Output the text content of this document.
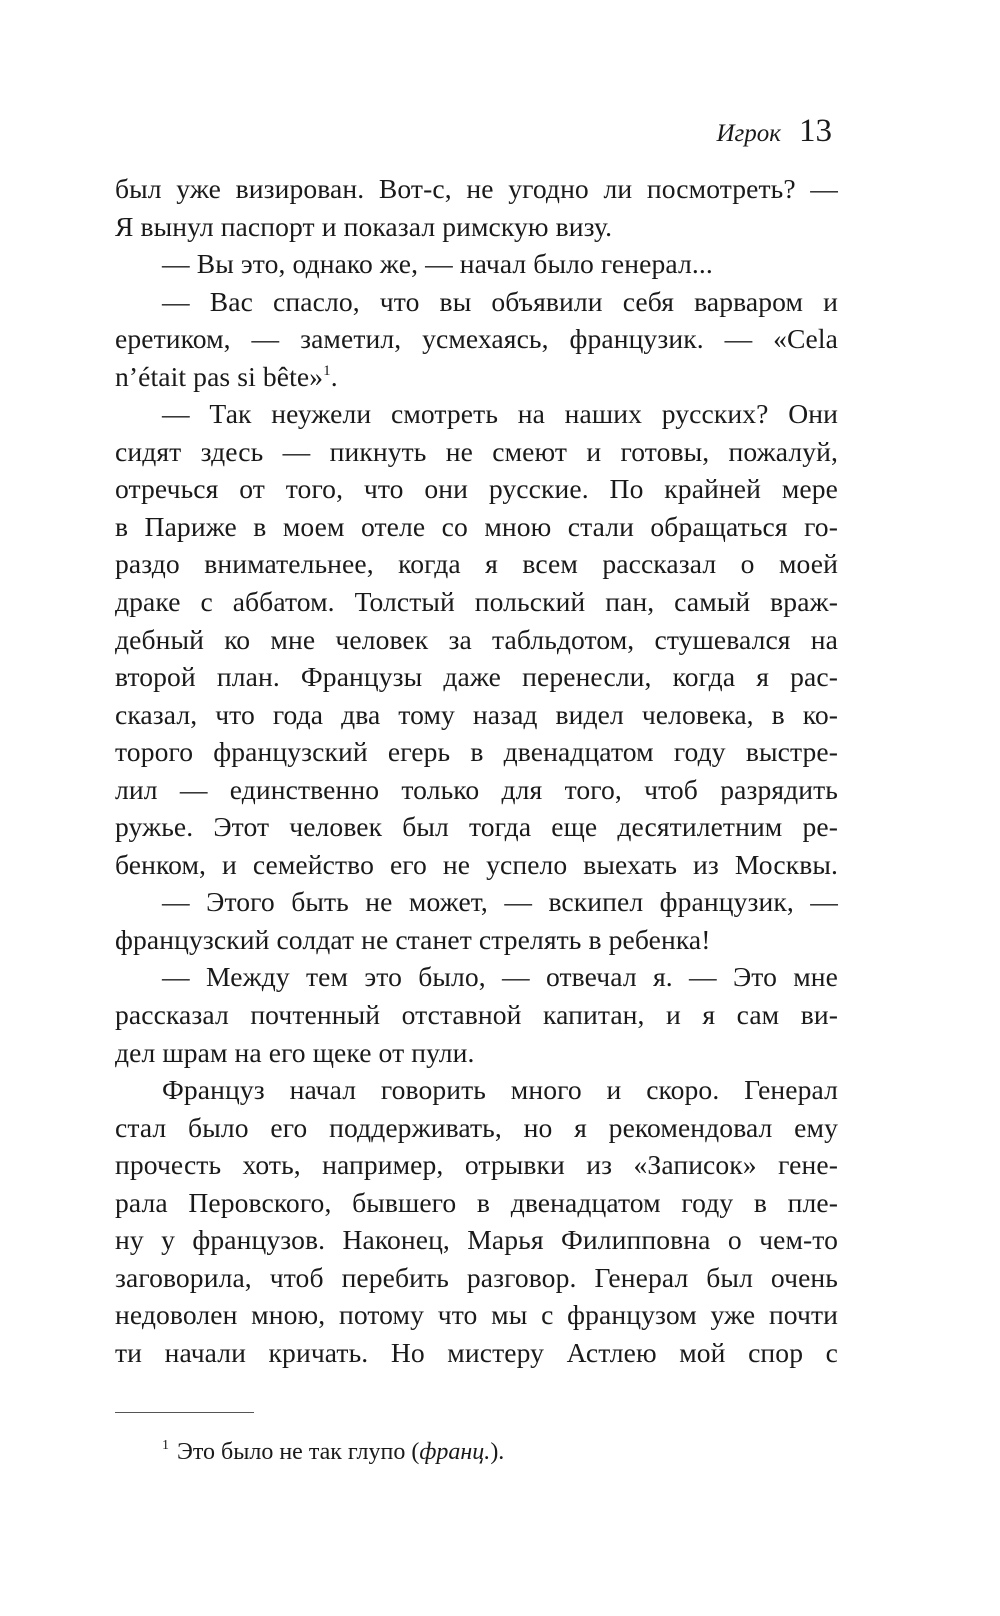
Игрок 13
был уже визирован. Вот-с, не угодно ли посмотреть? —
Я вынул паспорт и показал римскую визу.
— Вы это, однако же, — начал было генерал...
— Вас спасло, что вы объявили себя варваром и
еретиком, — заметил, усмехаясь, французик. — «Cela
n’était pas si bête»$^1$.
— Так неужели смотреть на наших русских? Они
сидят здесь — пикнуть не смеют и готовы, пожалуй,
отречься от того, что они русские. По крайней мере
в Париже в моем отеле со мною стали обращаться го-
раздо внимательнее, когда я всем рассказал о моей
драке с аббатом. Толстый польский пан, самый враж-
дебный ко мне человек за табльдотом, стушевался на
второй план. Французы даже перенесли, когда я рас-
сказал, что года два тому назад видел человека, в ко-
торого французский егерь в двенадцатом году выстре-
лил — единственно только для того, чтоб разрядить
ружье. Этот человек был тогда еще десятилетним ре-
бенком, и семейство его не успело выехать из Москвы.
— Этого быть не может, — вскипел французик, —
французский солдат не станет стрелять в ребенка!
— Между тем это было, — отвечал я. — Это мне
рассказал почтенный отставной капитан, и я сам ви-
дел шрам на его щеке от пули.
Француз начал говорить много и скоро. Генерал
стал было его поддерживать, но я рекомендовал ему
прочесть хоть, например, отрывки из «Записок» гене-
рала Перовского, бывшего в двенадцатом году в пле-
ну у французов. Наконец, Марья Филипповна о чем-то
заговорила, чтоб перебить разговор. Генерал был очень
недоволен мною, потому что мы с французом уже почти
ти начали кричать. Но мистеру Астлею мой спор с
$^1$ Это было не так глупо (франц.).
